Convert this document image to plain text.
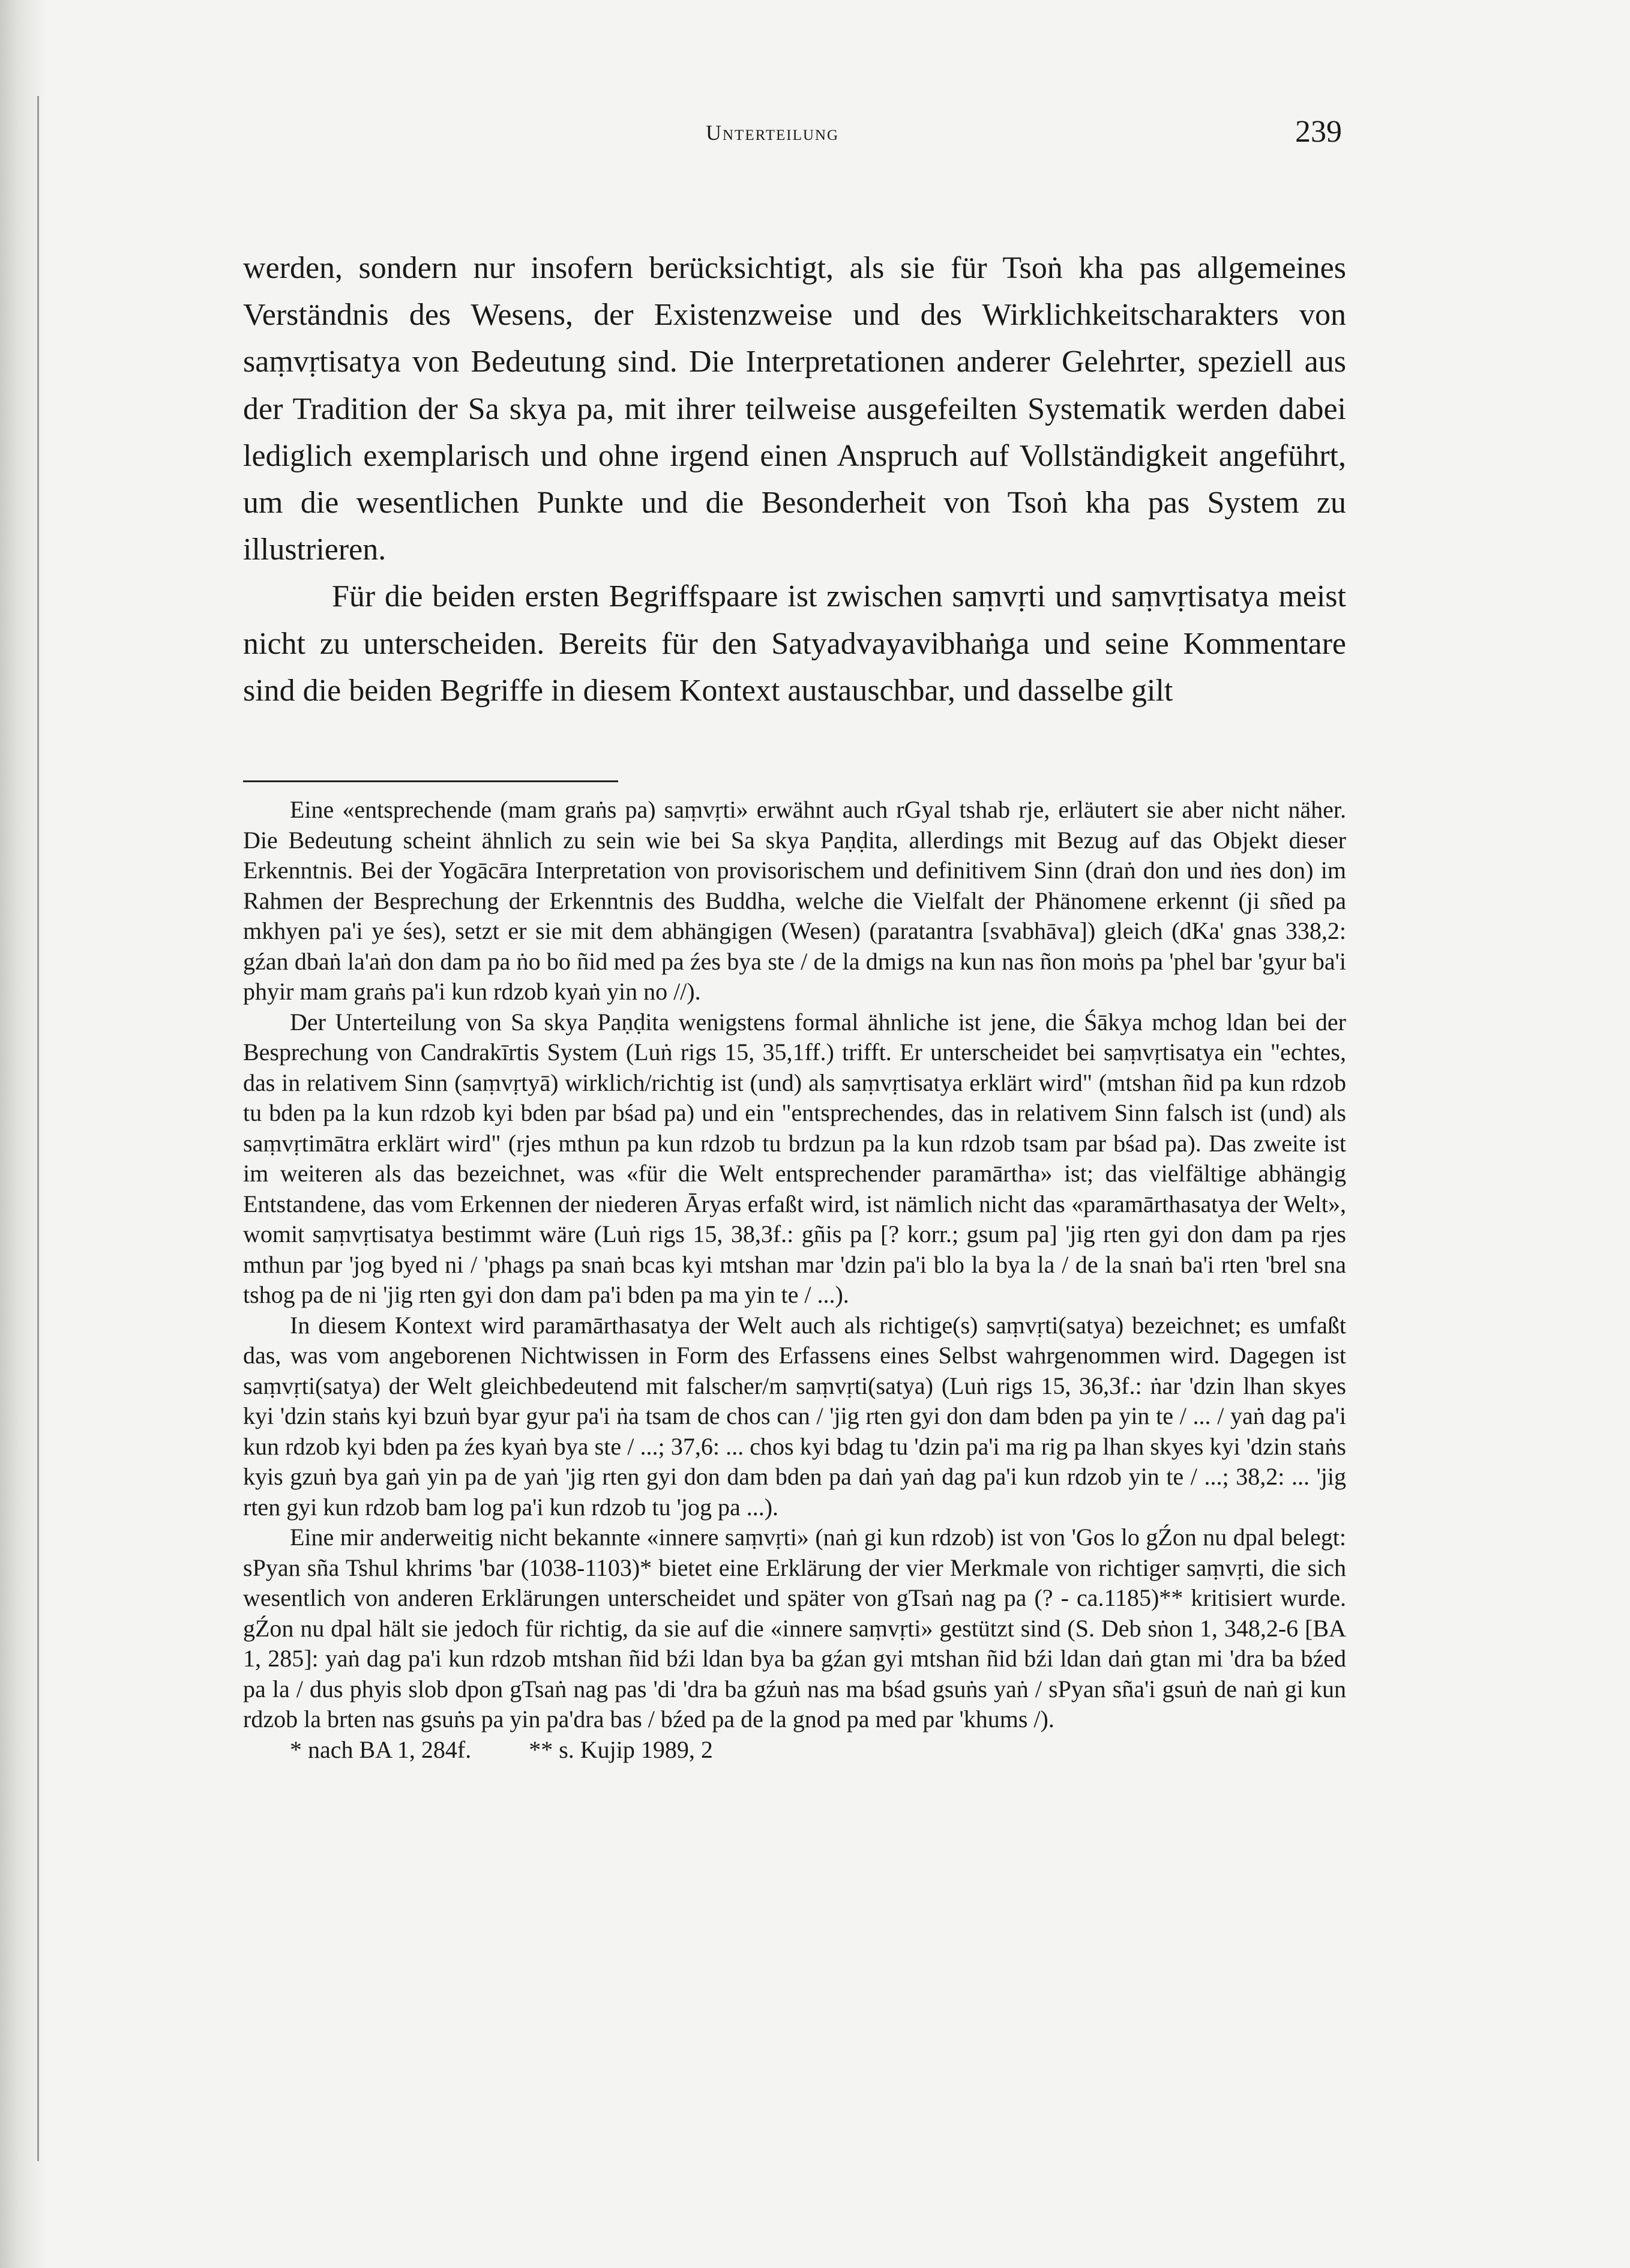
Unterteilung	239

werden, sondern nur insofern berücksichtigt, als sie für Tsoṅ kha pas allgemeines Verständnis des Wesens, der Existenzweise und des Wirklichkeitscharakters von saṃvṛtisatya von Bedeutung sind. Die Interpretationen anderer Gelehrter, speziell aus der Tradition der Sa skya pa, mit ihrer teilweise ausgefeilten Systematik werden dabei lediglich exemplarisch und ohne irgend einen Anspruch auf Vollständigkeit angeführt, um die wesentlichen Punkte und die Besonderheit von Tsoṅ kha pas System zu illustrieren.

Für die beiden ersten Begriffspaare ist zwischen saṃvṛti und saṃvṛtisatya meist nicht zu unterscheiden. Bereits für den Satyadvayavibhaṅga und seine Kommentare sind die beiden Begriffe in diesem Kontext austauschbar, und dasselbe gilt

Eine «entsprechende (mam graṅs pa) saṃvṛti» erwähnt auch rGyal tshab rje, erläutert sie aber nicht näher. Die Bedeutung scheint ähnlich zu sein wie bei Sa skya Paṇḍita, allerdings mit Bezug auf das Objekt dieser Erkenntnis. Bei der Yogācāra Interpretation von provisorischem und definitivem Sinn (draṅ don und ṅes don) im Rahmen der Besprechung der Erkenntnis des Buddha, welche die Vielfalt der Phänomene erkennt (ji sñed pa mkhyen pa'i ye śes), setzt er sie mit dem abhängigen (Wesen) (paratantra [svabhāva]) gleich (dKa' gnas 338,2: gźan dbaṅ la'aṅ don dam pa ṅo bo ñid med pa źes bya ste / de la dmigs na kun nas ñon moṅs pa 'phel bar 'gyur ba'i phyir mam graṅs pa'i kun rdzob kyaṅ yin no //).

Der Unterteilung von Sa skya Paṇḍita wenigstens formal ähnliche ist jene, die Śākya mchog ldan bei der Besprechung von Candrakīrtis System (Luṅ rigs 15, 35,1ff.) trifft. Er unterscheidet bei saṃvṛtisatya ein "echtes, das in relativem Sinn (saṃvṛtyā) wirklich/richtig ist (und) als saṃvṛtisatya erklärt wird" (mtshan ñid pa kun rdzob tu bden pa la kun rdzob kyi bden par bśad pa) und ein "entsprechendes, das in relativem Sinn falsch ist (und) als saṃvṛtimātra erklärt wird" (rjes mthun pa kun rdzob tu brdzun pa la kun rdzob tsam par bśad pa). Das zweite ist im weiteren als das bezeichnet, was «für die Welt entsprechender paramārtha» ist; das vielfältige abhängig Entstandene, das vom Erkennen der niederen Āryas erfaßt wird, ist nämlich nicht das «paramārthasatya der Welt», womit saṃvṛtisatya bestimmt wäre (Luṅ rigs 15, 38,3f.: gñis pa [? korr.; gsum pa] 'jig rten gyi don dam pa rjes mthun par 'jog byed ni / 'phags pa snaṅ bcas kyi mtshan mar 'dzin pa'i blo la bya la / de la snaṅ ba'i rten 'brel sna tshog pa de ni 'jig rten gyi don dam pa'i bden pa ma yin te / ...).

In diesem Kontext wird paramārthasatya der Welt auch als richtige(s) saṃvṛti(satya) bezeichnet; es umfaßt das, was vom angeborenen Nichtwissen in Form des Erfassens eines Selbst wahrgenommen wird. Dagegen ist saṃvṛti(satya) der Welt gleichbedeutend mit falscher/m saṃvṛti(satya) (Luṅ rigs 15, 36,3f.: ṅar 'dzin lhan skyes kyi 'dzin staṅs kyi bzuṅ byar gyur pa'i ṅa tsam de chos can / 'jig rten gyi don dam bden pa yin te / ... / yaṅ dag pa'i kun rdzob kyi bden pa źes kyaṅ bya ste / ...; 37,6: ... chos kyi bdag tu 'dzin pa'i ma rig pa lhan skyes kyi 'dzin staṅs kyis gzuṅ bya gaṅ yin pa de yaṅ 'jig rten gyi don dam bden pa daṅ yaṅ dag pa'i kun rdzob yin te / ...; 38,2: ... 'jig rten gyi kun rdzob bam log pa'i kun rdzob tu 'jog pa ...).

Eine mir anderweitig nicht bekannte «innere saṃvṛti» (naṅ gi kun rdzob) ist von 'Gos lo gŹon nu dpal belegt: sPyan sña Tshul khrims 'bar (1038-1103)* bietet eine Erklärung der vier Merkmale von richtiger saṃvṛti, die sich wesentlich von anderen Erklärungen unterscheidet und später von gTsaṅ nag pa (? - ca.1185)** kritisiert wurde. gŹon nu dpal hält sie jedoch für richtig, da sie auf die «innere saṃvṛti» gestützt sind (S. Deb sṅon 1, 348,2-6 [BA 1, 285]: yaṅ dag pa'i kun rdzob mtshan ñid bźi ldan bya ba gźan gyi mtshan ñid bźi ldan daṅ gtan mi 'dra ba bźed pa la / dus phyis slob dpon gTsaṅ nag pas 'di 'dra ba gźuṅ nas ma bśad gsuṅs yaṅ / sPyan sña'i gsuṅ de naṅ gi kun rdzob la brten nas gsuṅs pa yin pa'dra bas / bźed pa de la gnod pa med par 'khums /).

* nach BA 1, 284f. ** s. Kujip 1989, 2
